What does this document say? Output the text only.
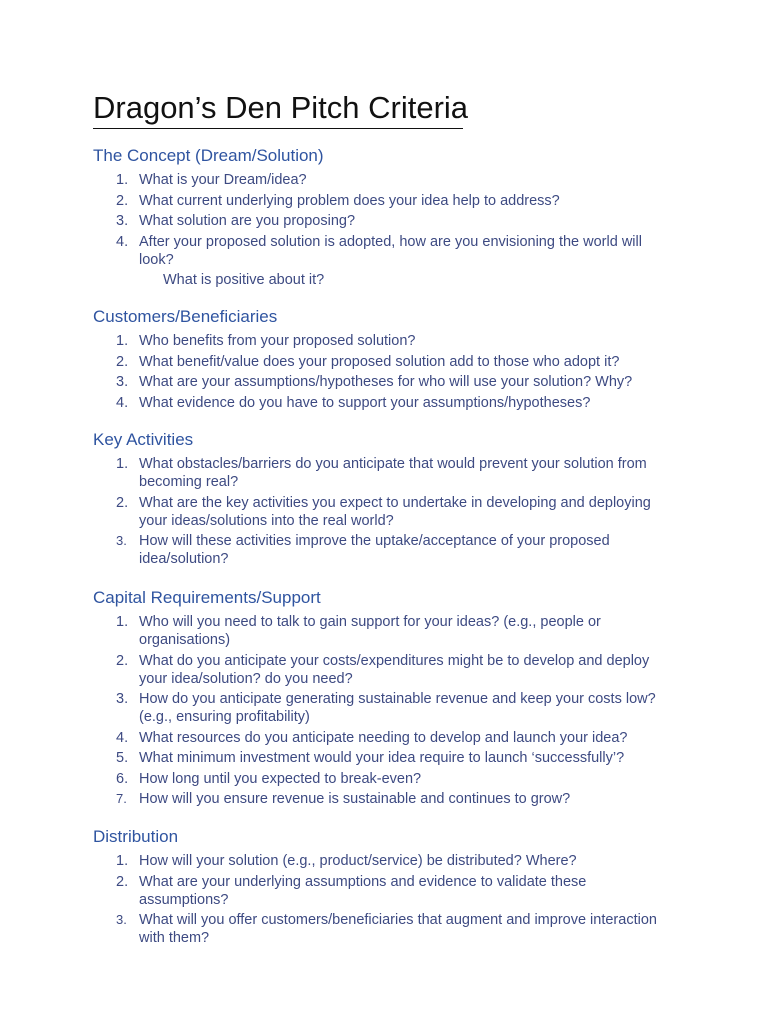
Dragon’s Den Pitch Criteria
The Concept (Dream/Solution)
1. What is your Dream/idea?
2. What current underlying problem does your idea help to address?
3. What solution are you proposing?
4. After your proposed solution is adopted, how are you envisioning the world will look?
What is positive about it?
Customers/Beneficiaries
1. Who benefits from your proposed solution?
2. What benefit/value does your proposed solution add to those who adopt it?
3. What are your assumptions/hypotheses for who will use your solution? Why?
4. What evidence do you have to support your assumptions/hypotheses?
Key Activities
1. What obstacles/barriers do you anticipate that would prevent your solution from becoming real?
2. What are the key activities you expect to undertake in developing and deploying your ideas/solutions into the real world?
3. How will these activities improve the uptake/acceptance of your proposed idea/solution?
Capital Requirements/Support
1. Who will you need to talk to gain support for your ideas? (e.g., people or organisations)
2. What do you anticipate your costs/expenditures might be to develop and deploy your idea/solution? do you need?
3. How do you anticipate generating sustainable revenue and keep your costs low? (e.g., ensuring profitability)
4. What resources do you anticipate needing to develop and launch your idea?
5. What minimum investment would your idea require to launch ‘successfully’?
6. How long until you expected to break-even?
7. How will you ensure revenue is sustainable and continues to grow?
Distribution
1. How will your solution (e.g., product/service) be distributed? Where?
2. What are your underlying assumptions and evidence to validate these assumptions?
3. What will you offer customers/beneficiaries that augment and improve interaction with them?
